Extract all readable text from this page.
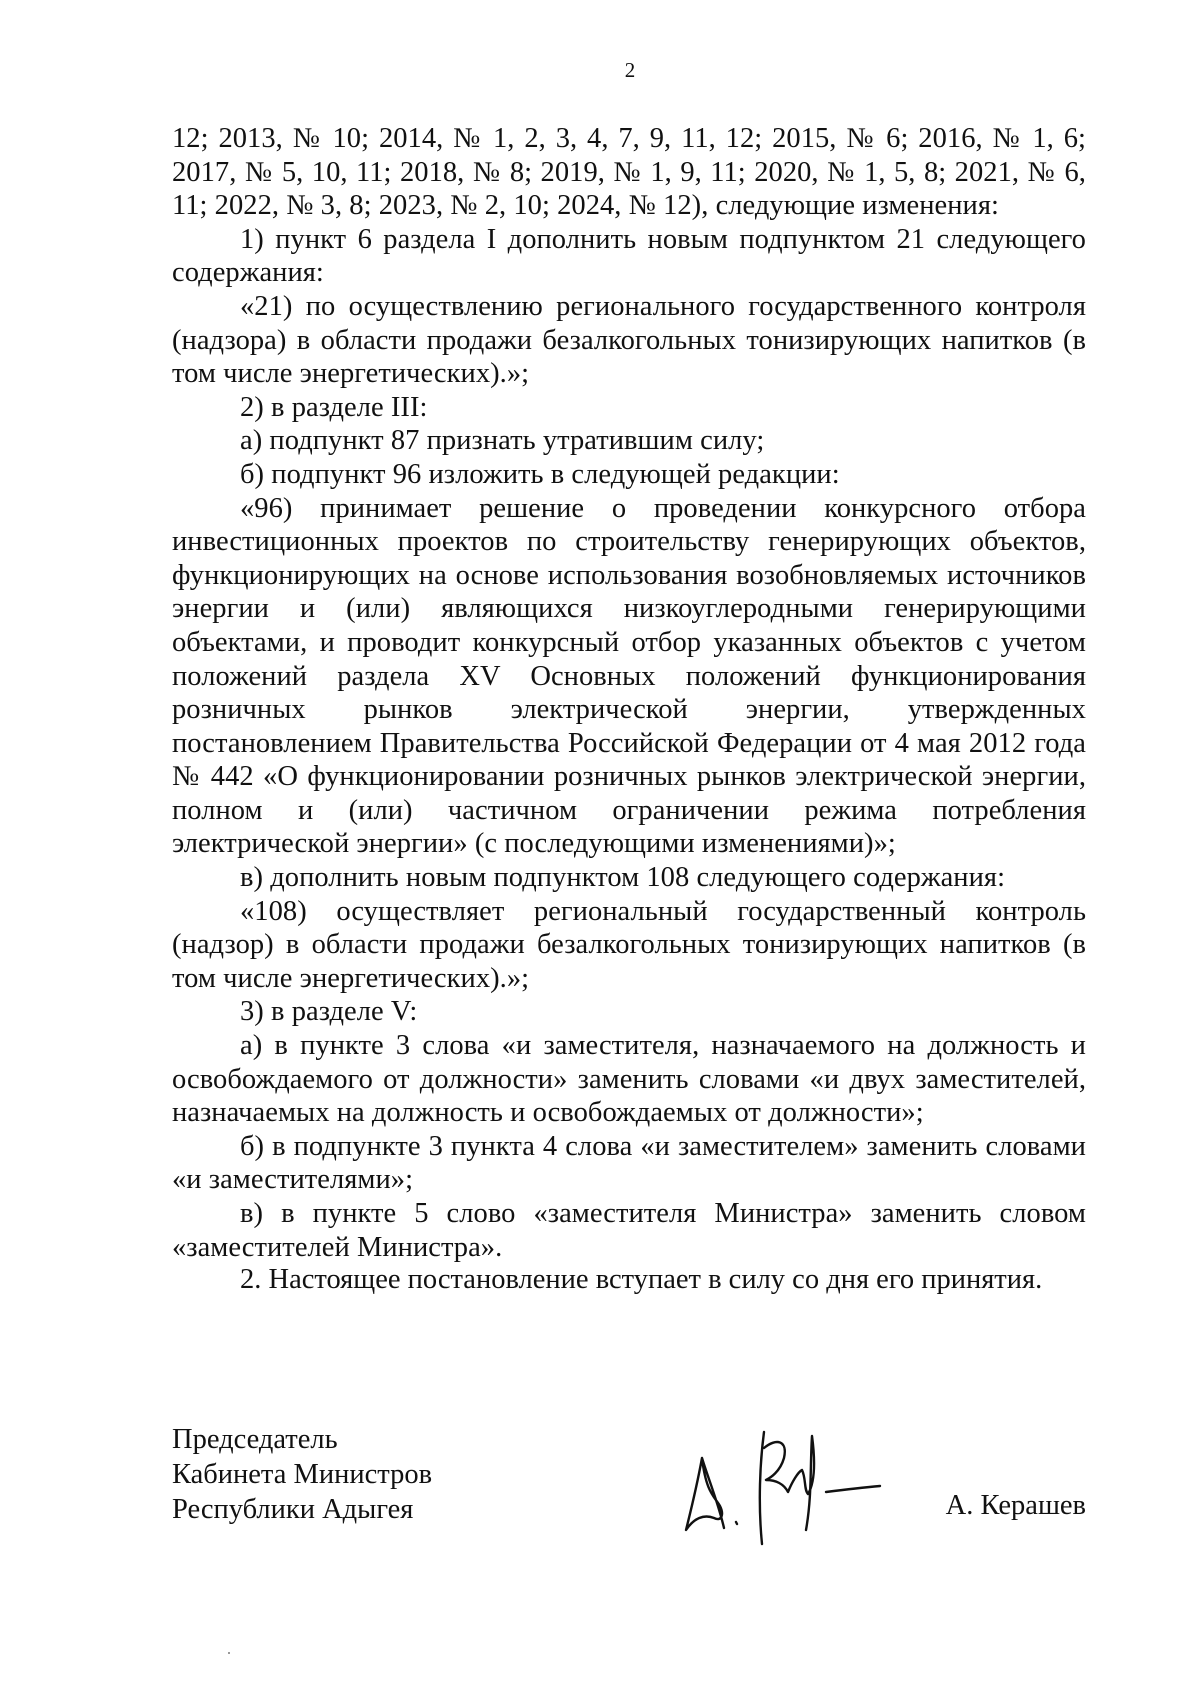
2

12; 2013, № 10; 2014, № 1, 2, 3, 4, 7, 9, 11, 12; 2015, № 6; 2016, № 1, 6; 2017, № 5, 10, 11; 2018, № 8; 2019, № 1, 9, 11; 2020, № 1, 5, 8; 2021, № 6, 11; 2022, № 3, 8; 2023, № 2, 10; 2024, № 12), следующие изменения:

1) пункт 6 раздела I дополнить новым подпунктом 21 следующего содержания:

«21) по осуществлению регионального государственного контроля (надзора) в области продажи безалкогольных тонизирующих напитков (в том числе энергетических).»;

2) в разделе III:

а) подпункт 87 признать утратившим силу;

б) подпункт 96 изложить в следующей редакции:

«96) принимает решение о проведении конкурсного отбора инвестиционных проектов по строительству генерирующих объектов, функционирующих на основе использования возобновляемых источников энергии и (или) являющихся низкоуглеродными генерирующими объектами, и проводит конкурсный отбор указанных объектов с учетом положений раздела XV Основных положений функционирования розничных рынков электрической энергии, утвержденных постановлением Правительства Российской Федерации от 4 мая 2012 года № 442 «О функционировании розничных рынков электрической энергии, полном и (или) частичном ограничении режима потребления электрической энергии» (с последующими изменениями)»;

в) дополнить новым подпунктом 108 следующего содержания:

«108) осуществляет региональный государственный контроль (надзор) в области продажи безалкогольных тонизирующих напитков (в том числе энергетических).»;

3) в разделе V:

а) в пункте 3 слова «и заместителя, назначаемого на должность и освобождаемого от должности» заменить словами «и двух заместителей, назначаемых на должность и освобождаемых от должности»;

б) в подпункте 3 пункта 4 слова «и заместителем» заменить словами «и заместителями»;

в) в пункте 5 слово «заместителя Министра» заменить словом «заместителей Министра».

2. Настоящее постановление вступает в силу со дня его принятия.

Председатель
Кабинета Министров
Республики Адыгея	А. Керашев
